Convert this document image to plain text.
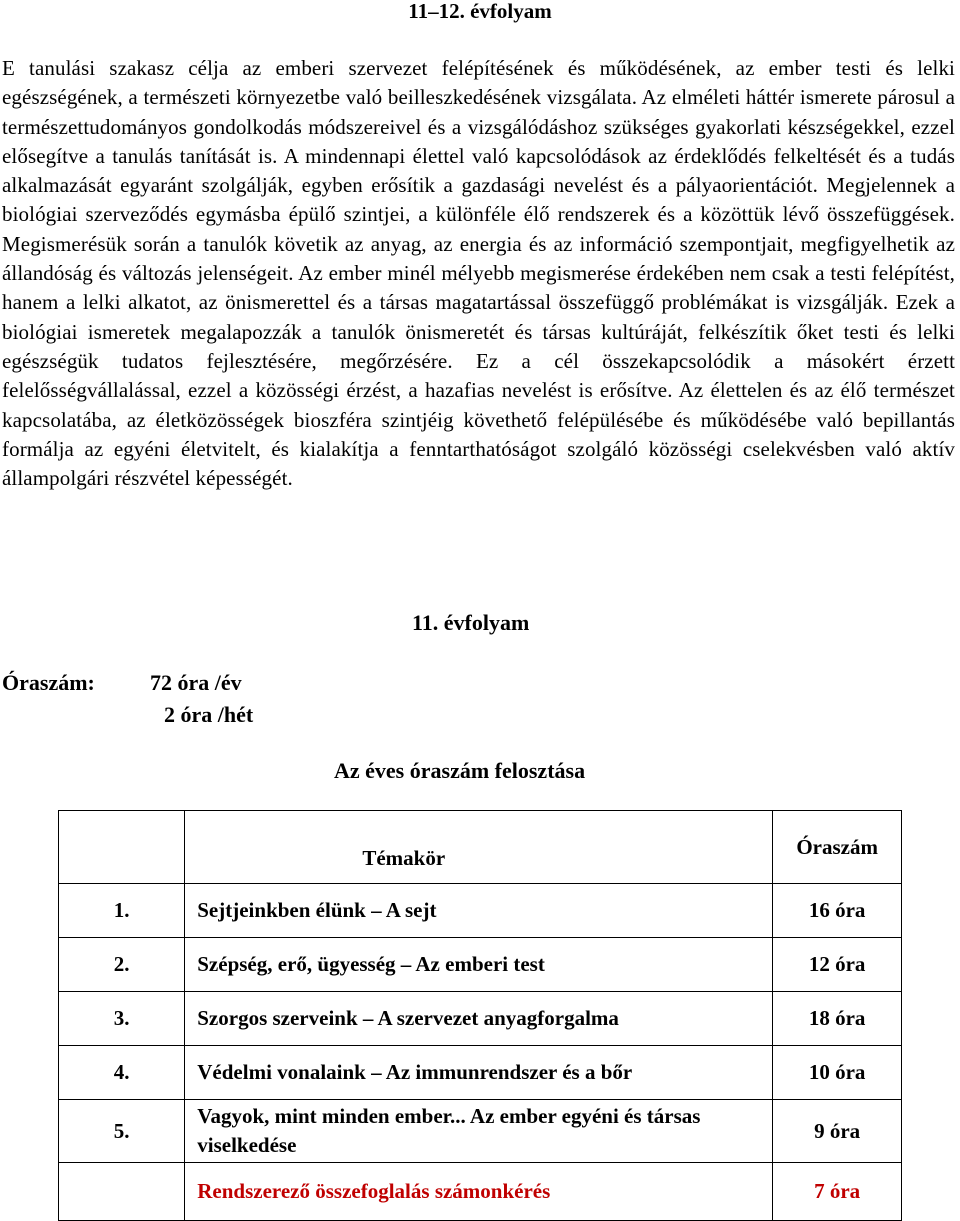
11–12. évfolyam

E tanulási szakasz célja az emberi szervezet felépítésének és működésének, az ember testi és lelki egészségének, a természeti környezetbe való beilleszkedésének vizsgálata. Az elméleti háttér ismerete párosul a természettudományos gondolkodás módszereivel és a vizsgálódáshoz szükséges gyakorlati készségekkel, ezzel elősegítve a tanulás tanítását is. A mindennapi élettel való kapcsolódások az érdeklődés felkeltését és a tudás alkalmazását egyaránt szolgálják, egyben erősítik a gazdasági nevelést és a pályaorientációt. Megjelennek a biológiai szerveződés egymásba épülő szintjei, a különféle élő rendszerek és a közöttük lévő összefüggések. Megismerésük során a tanulók követik az anyag, az energia és az információ szempontjait, megfigyelhetik az állandóság és változás jelenségeit. Az ember minél mélyebb megismerése érdekében nem csak a testi felépítést, hanem a lelki alkatot, az önismerettel és a társas magatartással összefüggő problémákat is vizsgálják. Ezek a biológiai ismeretek megalapozzák a tanulók önismeretét és társas kultúráját, felkészítik őket testi és lelki egészségük tudatos fejlesztésére, megőrzésére. Ez a cél összekapcsolódik a másokért érzett felelősségvállalással, ezzel a közösségi érzést, a hazafias nevelést is erősítve. Az élettelen és az élő természet kapcsolatába, az életközösségek bioszféra szintjéig követhető felépülésébe és működésébe való bepillantás formálja az egyéni életvitelt, és kialakítja a fenntarthatóságot szolgáló közösségi cselekvésben való aktív állampolgári részvétel képességét.

11. évfolyam
Óraszám:	72 óra /év
2 óra /hét
Az éves óraszám felosztása
	Témakör	Óraszám
1.	Sejtjeinkben élünk – A sejt	16 óra
2.	Szépség, erő, ügyesség – Az emberi test	12 óra
3.	Szorgos szerveink – A szervezet anyagforgalma	18 óra
4.	Védelmi vonalaink – Az immunrendszer és a bőr	10 óra
5.	Vagyok, mint minden ember... Az ember egyéni és társas viselkedése	9 óra
	Rendszerező összefoglalás számonkérés	7 óra
